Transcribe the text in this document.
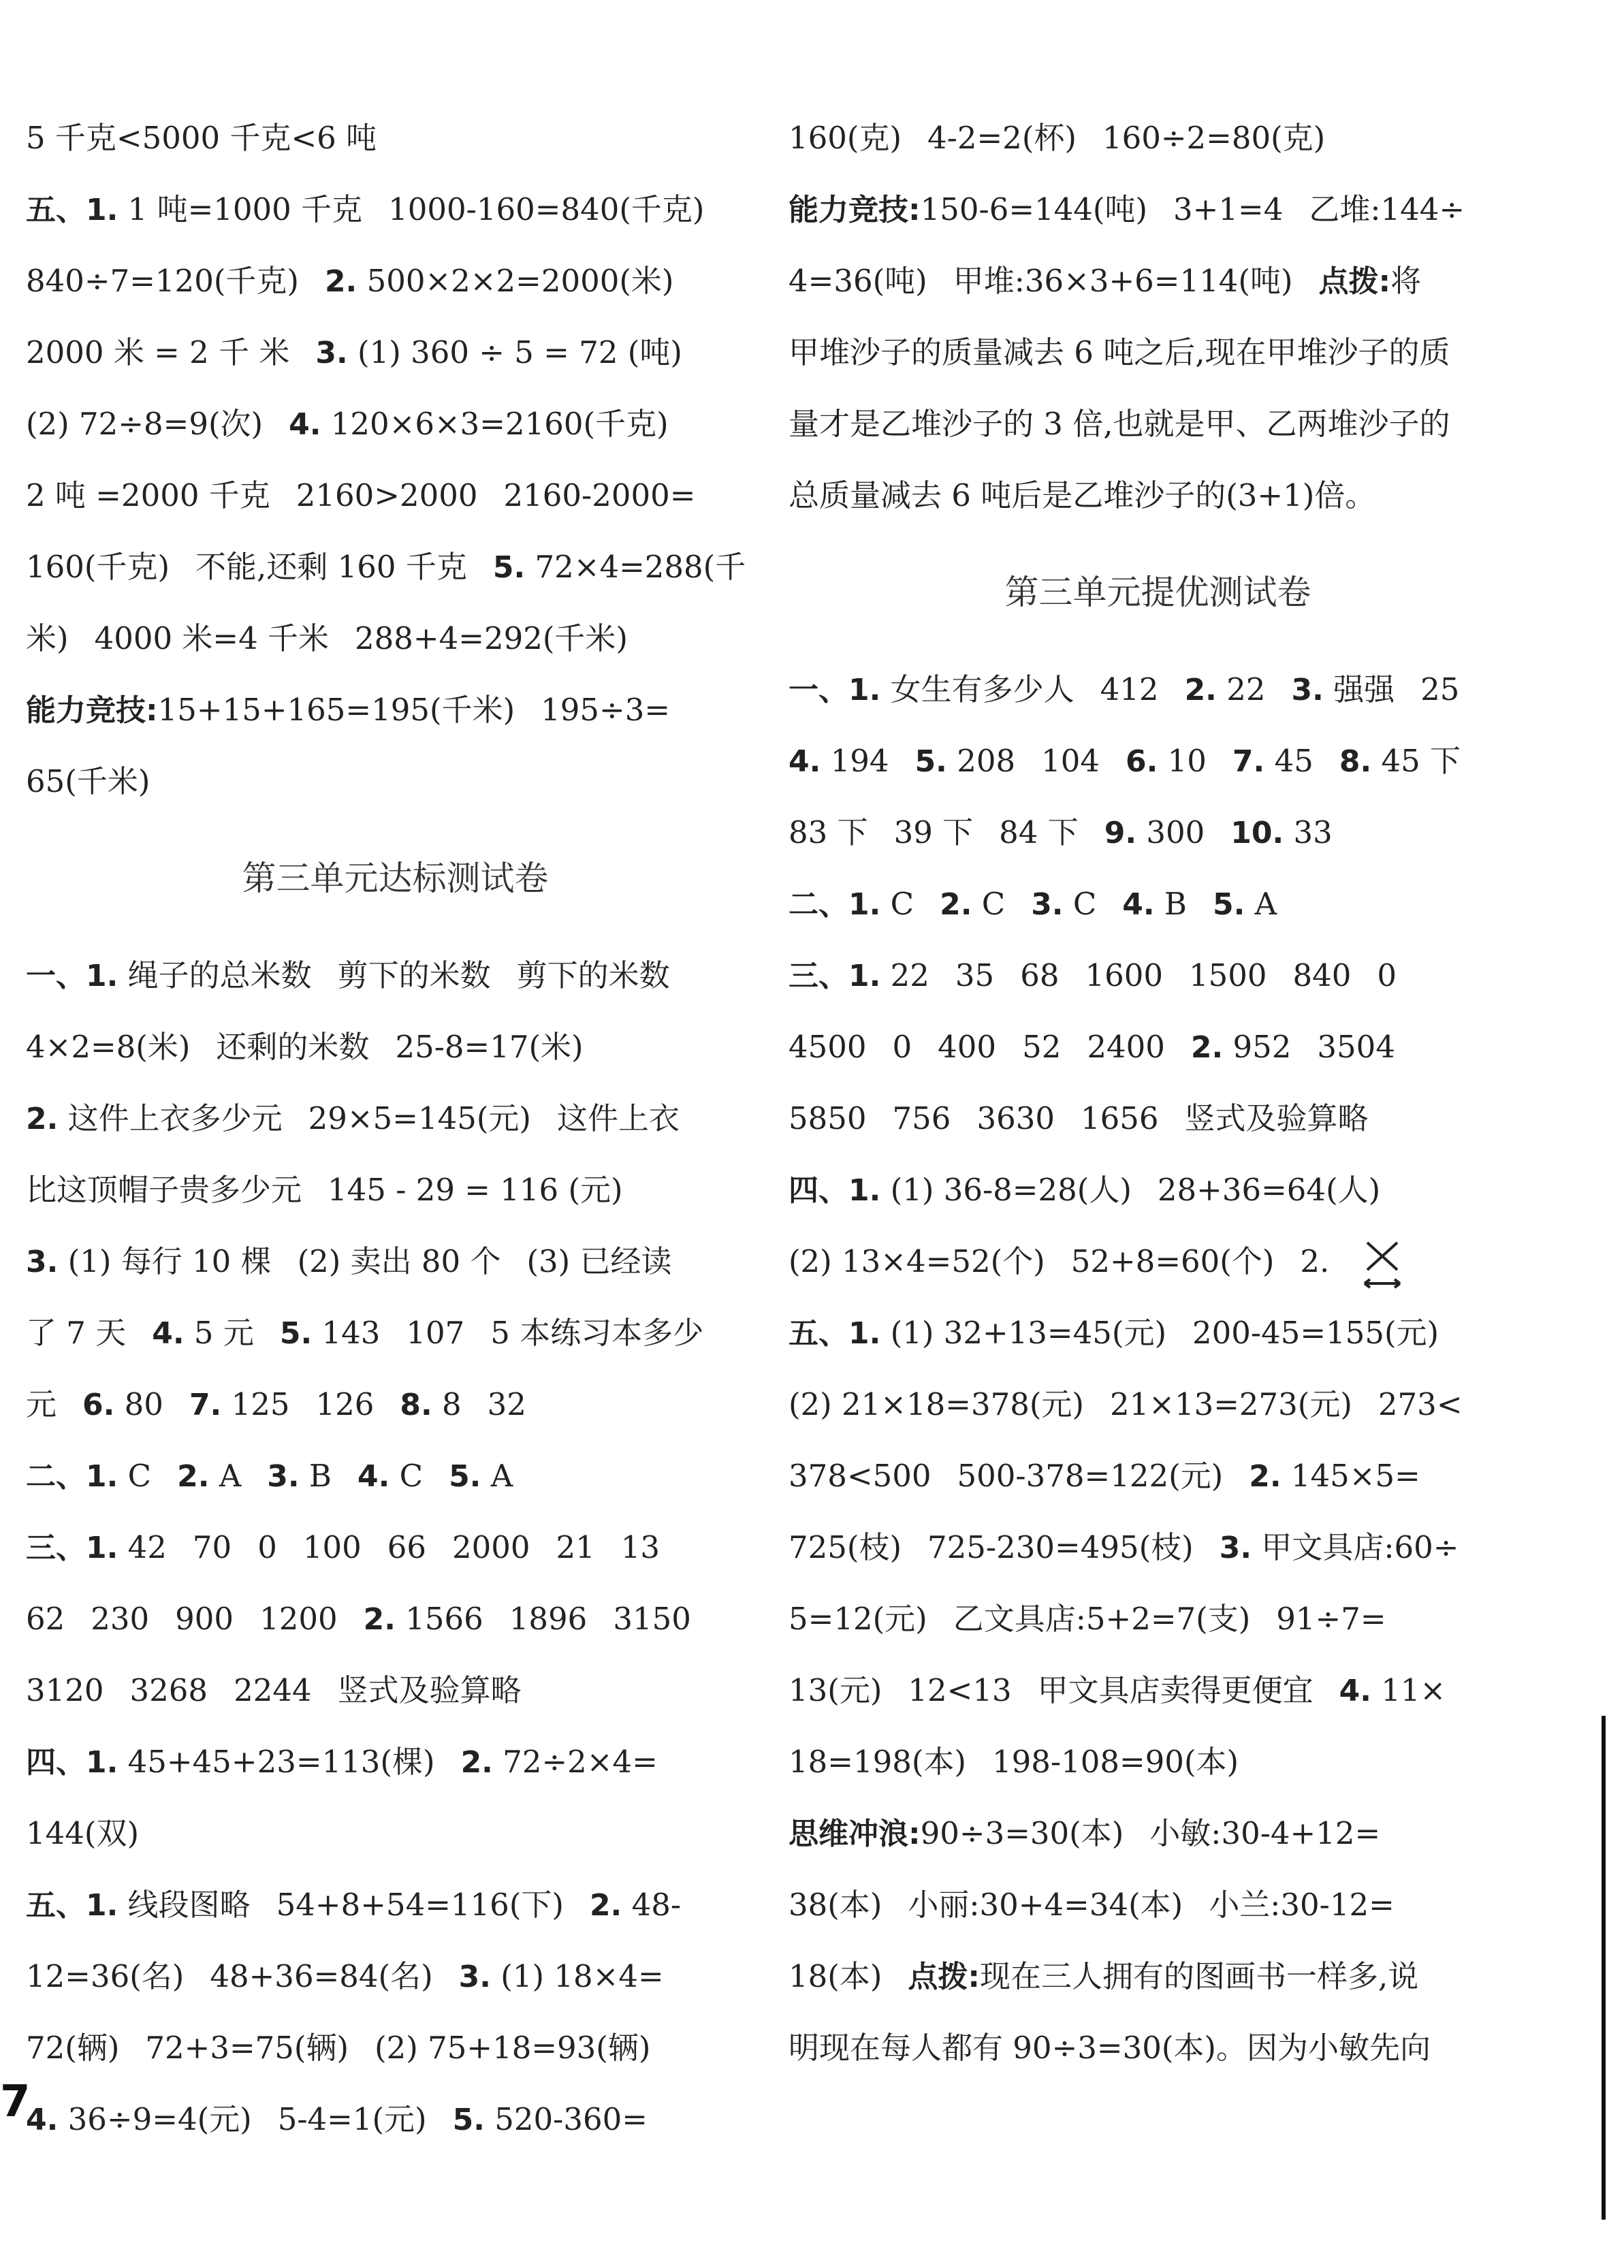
5 千克<5000 千克<6 吨
五、1. 1 吨=1000 千克 1000-160=840(千克)
840÷7=120(千克) 2. 500×2×2=2000(米)
2000 米 = 2 千 米 3. (1) 360 ÷ 5 = 72 (吨)
(2) 72÷8=9(次) 4. 120×6×3=2160(千克)
2 吨 =2000 千克 2160>2000 2160-2000=
160(千克) 不能,还剩 160 千克 5. 72×4=288(千
米) 4000 米=4 千米 288+4=292(千米)
能力竞技:15+15+165=195(千米) 195÷3=
65(千米)
第三单元达标测试卷
一、1. 绳子的总米数 剪下的米数 剪下的米数
4×2=8(米) 还剩的米数 25-8=17(米)
2. 这件上衣多少元 29×5=145(元) 这件上衣
比这顶帽子贵多少元 145 - 29 = 116 (元)
3. (1) 每行 10 棵 (2) 卖出 80 个 (3) 已经读
了 7 天 4. 5 元 5. 143 107 5 本练习本多少
元 6. 80 7. 125 126 8. 8 32
二、1. C 2. A 3. B 4. C 5. A
三、1. 42 70 0 100 66 2000 21 13
62 230 900 1200 2. 1566 1896 3150
3120 3268 2244 竖式及验算略
四、1. 45+45+23=113(棵) 2. 72÷2×4=
144(双)
五、1. 线段图略 54+8+54=116(下) 2. 48-
12=36(名) 48+36=84(名) 3. (1) 18×4=
72(辆) 72+3=75(辆) (2) 75+18=93(辆)
4. 36÷9=4(元) 5-4=1(元) 5. 520-360=
160(克) 4-2=2(杯) 160÷2=80(克)
能力竞技:150-6=144(吨) 3+1=4 乙堆:144÷
4=36(吨) 甲堆:36×3+6=114(吨) 点拨:将
甲堆沙子的质量减去 6 吨之后,现在甲堆沙子的质
量才是乙堆沙子的 3 倍,也就是甲、乙两堆沙子的
总质量减去 6 吨后是乙堆沙子的(3+1)倍。
第三单元提优测试卷
一、1. 女生有多少人 412 2. 22 3. 强强 25
4. 194 5. 208 104 6. 10 7. 45 8. 45 下
83 下 39 下 84 下 9. 300 10. 33
二、1. C 2. C 3. C 4. B 5. A
三、1. 22 35 68 1600 1500 840 0
4500 0 400 52 2400 2. 952 3504
5850 756 3630 1656 竖式及验算略
四、1. (1) 36-8=28(人) 28+36=64(人)
(2) 13×4=52(个) 52+8=60(个) 2.
五、1. (1) 32+13=45(元) 200-45=155(元)
(2) 21×18=378(元) 21×13=273(元) 273<
378<500 500-378=122(元) 2. 145×5=
725(枝) 725-230=495(枝) 3. 甲文具店:60÷
5=12(元) 乙文具店:5+2=7(支) 91÷7=
13(元) 12<13 甲文具店卖得更便宜 4. 11×
18=198(本) 198-108=90(本)
思维冲浪:90÷3=30(本) 小敏:30-4+12=
38(本) 小丽:30+4=34(本) 小兰:30-12=
18(本) 点拨:现在三人拥有的图画书一样多,说
明现在每人都有 90÷3=30(本)。因为小敏先向
7
